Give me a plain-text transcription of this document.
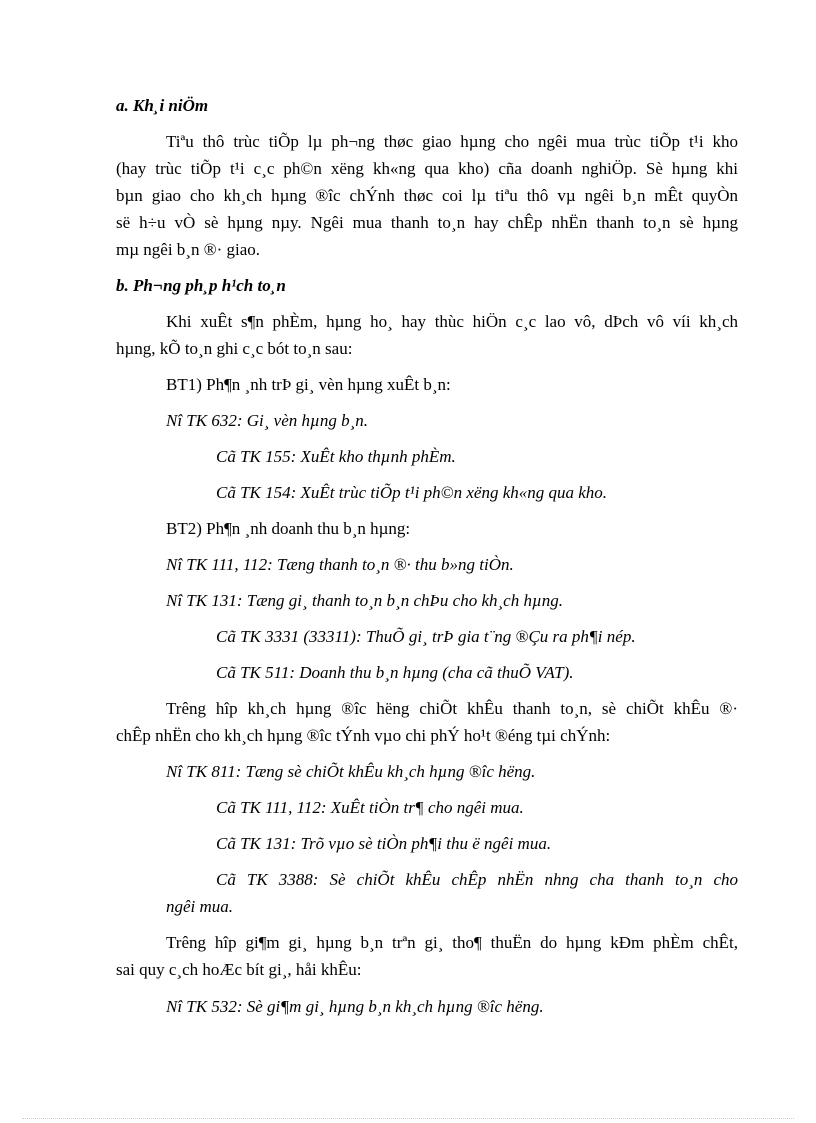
a. Kh¸i niÖm
Tiªu thô trùc tiÕp lµ ph¬ng thøc giao hµng cho ngêi mua trùc tiÕp t¹i kho
(hay trùc tiÕp t¹i c¸c ph©n xëng kh«ng qua kho) cña doanh nghiÖp. Sè hµng khi
bµn giao cho kh¸ch hµng ®îc chÝnh thøc coi lµ tiªu thô vµ ngêi b¸n mÊt quyÒn
së h÷u vÒ sè hµng nµy. Ngêi mua thanh to¸n hay chÊp nhËn thanh to¸n sè hµng
mµ ngêi b¸n ®· giao.
b. Ph¬ng ph¸p h¹ch to¸n
Khi xuÊt s¶n phÈm, hµng ho¸ hay thùc hiÖn c¸c lao vô, dÞch vô víi kh¸ch
hµng, kÕ to¸n ghi c¸c bót to¸n sau:
BT1) Ph¶n ¸nh trÞ gi¸ vèn hµng xuÊt b¸n:
Nî TK 632: Gi¸ vèn hµng b¸n.
Cã TK 155: XuÊt kho thµnh phÈm.
Cã TK 154: XuÊt trùc tiÕp t¹i ph©n xëng kh«ng qua kho.
BT2) Ph¶n ¸nh doanh thu b¸n hµng:
Nî TK 111, 112: Tæng thanh to¸n ®· thu b»ng tiÒn.
Nî TK 131: Tæng gi¸ thanh to¸n b¸n chÞu cho kh¸ch hµng.
Cã TK 3331 (33311): ThuÕ gi¸ trÞ gia t¨ng ®Çu ra ph¶i nép.
Cã TK 511: Doanh thu b¸n hµng (cha cã thuÕ VAT).
Trêng hîp kh¸ch hµng ®îc hëng chiÕt khÊu thanh to¸n, sè chiÕt khÊu ®·
chÊp nhËn cho kh¸ch hµng ®îc tÝnh vµo chi phÝ ho¹t ®éng tµi chÝnh:
Nî TK 811: Tæng sè chiÕt khÊu kh¸ch hµng ®îc hëng.
Cã TK 111, 112: XuÊt tiÒn tr¶ cho ngêi mua.
Cã TK 131: Trõ vµo sè tiÒn ph¶i thu ë ngêi mua.
Cã TK 3388: Sè chiÕt khÊu chÊp nhËn nhng cha thanh to¸n cho
ngêi mua.
Trêng hîp gi¶m gi¸ hµng b¸n trªn gi¸ tho¶ thuËn do hµng kÐm phÈm chÊt,
sai quy c¸ch hoÆc bít gi¸, håi khÊu:
Nî TK 532: Sè gi¶m gi¸ hµng b¸n kh¸ch hµng ®îc hëng.
